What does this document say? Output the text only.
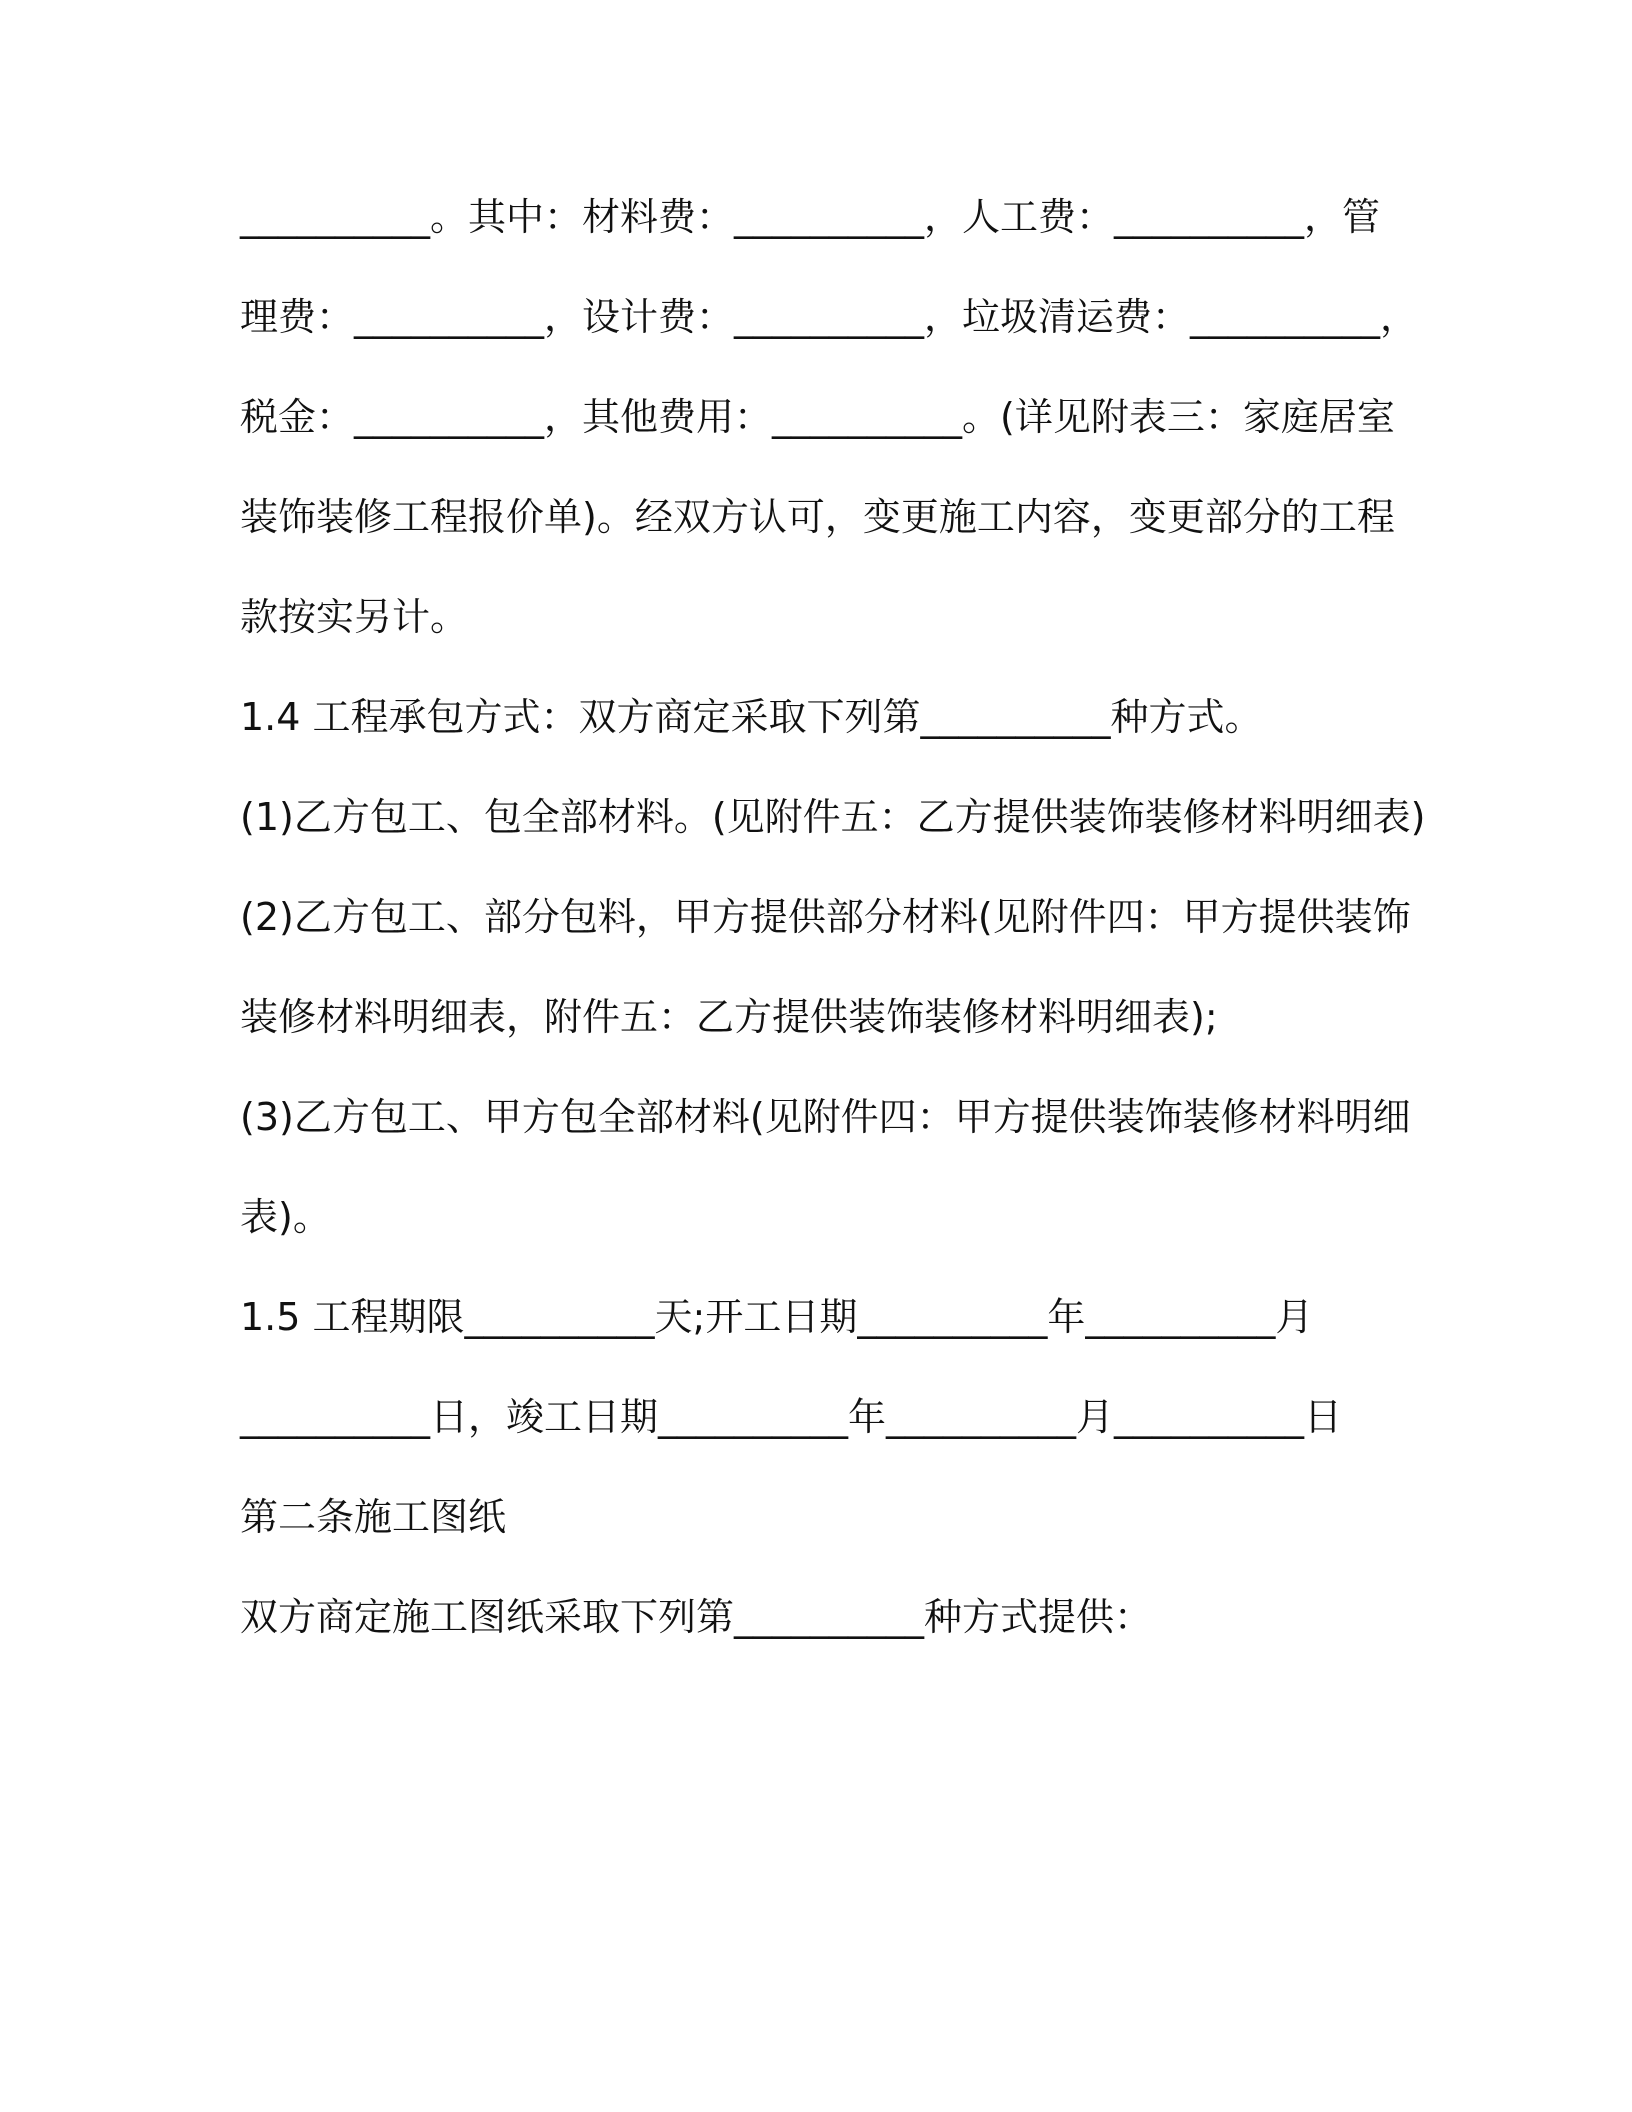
__________。其中：材料费：__________，人工费：__________，管
理费：__________，设计费：__________，垃圾清运费：__________，
税金：__________，其他费用：__________。(详见附表三：家庭居室
装饰装修工程报价单)。经双方认可，变更施工内容，变更部分的工程
款按实另计。
1.4 工程承包方式：双方商定采取下列第__________种方式。
(1)乙方包工、包全部材料。(见附件五：乙方提供装饰装修材料明细表)
(2)乙方包工、部分包料，甲方提供部分材料(见附件四：甲方提供装饰
装修材料明细表，附件五：乙方提供装饰装修材料明细表);
(3)乙方包工、甲方包全部材料(见附件四：甲方提供装饰装修材料明细
表)。
1.5 工程期限__________天;开工日期__________年__________月
__________日，竣工日期__________年__________月__________日
第二条施工图纸
双方商定施工图纸采取下列第__________种方式提供：
